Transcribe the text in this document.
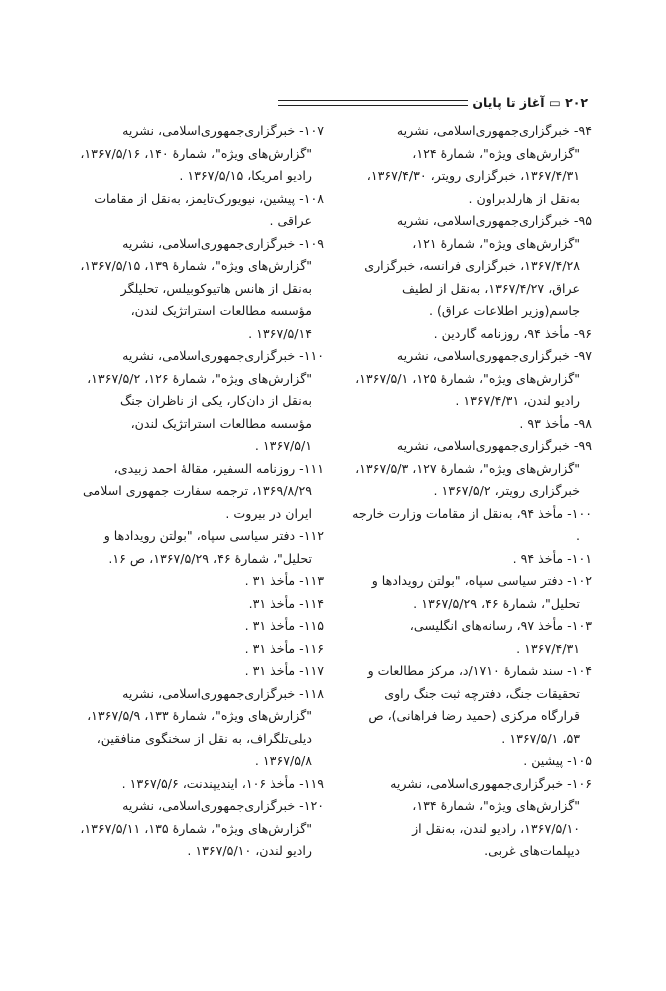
۲۰۲ ▭ آغاز تا پایان

۹۴- خبرگزاری‌جمهوری‌اسلامی، نشریه "گزارش‌های ویژه"، شمارهٔ ۱۲۴، ۱۳۶۷/۴/۳۱، خبرگزاری رویتر، ۱۳۶۷/۴/۳۰، به‌نقل از هارلدبراون .

۹۵- خبرگزاری‌جمهوری‌اسلامی، نشریه "گزارش‌های ویژه"، شمارهٔ ۱۲۱، ۱۳۶۷/۴/۲۸، خبرگزاری فرانسه، خبرگزاری عراق، ۱۳۶۷/۴/۲۷، به‌نقل از لطیف جاسم(وزیر اطلاعات عراق) .

۹۶- مأخذ ۹۴، روزنامه گاردین .

۹۷- خبرگزاری‌جمهوری‌اسلامی، نشریه "گزارش‌های ویژه"، شمارهٔ ۱۲۵، ۱۳۶۷/۵/۱، رادیو لندن، ۱۳۶۷/۴/۳۱ .

۹۸- مأخذ ۹۳ .

۹۹- خبرگزاری‌جمهوری‌اسلامی، نشریه "گزارش‌های ویژه"، شمارهٔ ۱۲۷، ۱۳۶۷/۵/۳، خبرگزاری رویتر، ۱۳۶۷/۵/۲ .

۱۰۰- مأخذ ۹۴، به‌نقل از مقامات وزارت خارجه .

۱۰۱- مأخذ ۹۴ .

۱۰۲- دفتر سیاسی سپاه، "بولتن رویدادها و تحلیل"، شمارهٔ ۴۶، ۱۳۶۷/۵/۲۹ .

۱۰۳- مأخذ ۹۷، رسانه‌های انگلیسی، ۱۳۶۷/۴/۳۱ .

۱۰۴- سند شمارهٔ ۱۷۱۰/د، مرکز مطالعات و تحقیقات جنگ، دفترچه ثبت جنگ راوی قرارگاه مرکزی (حمید رضا فراهانی)، ص ۵۳، ۱۳۶۷/۵/۱ .

۱۰۵- پیشین .

۱۰۶- خبرگزاری‌جمهوری‌اسلامی، نشریه "گزارش‌های ویژه"، شمارهٔ ۱۳۴، ۱۳۶۷/۵/۱۰، رادیو لندن، به‌نقل از دیپلمات‌های غربی.

۱۰۷- خبرگزاری‌جمهوری‌اسلامی، نشریه "گزارش‌های ویژه"، شمارهٔ ۱۴۰، ۱۳۶۷/۵/۱۶، رادیو امریکا، ۱۳۶۷/۵/۱۵ .

۱۰۸- پیشین، نیویورک‌تایمز، به‌نقل از مقامات عراقی .

۱۰۹- خبرگزاری‌جمهوری‌اسلامی، نشریه "گزارش‌های ویژه"، شمارهٔ ۱۳۹، ۱۳۶۷/۵/۱۵، به‌نقل از هانس هاتیوکوبیلس، تحلیلگر مؤسسه مطالعات استراتژیک لندن، ۱۳۶۷/۵/۱۴ .

۱۱۰- خبرگزاری‌جمهوری‌اسلامی، نشریه "گزارش‌های ویژه"، شمارهٔ ۱۲۶، ۱۳۶۷/۵/۲، به‌نقل از دان‌کار، یکی از ناظران جنگ مؤسسه مطالعات استراتژیک لندن، ۱۳۶۷/۵/۱ .

۱۱۱- روزنامه السفیر، مقالهٔ احمد زبیدی، ۱۳۶۹/۸/۲۹، ترجمه سفارت جمهوری اسلامی ایران در بیروت .

۱۱۲- دفتر سیاسی سپاه، "بولتن رویدادها و تحلیل"، شمارهٔ ۴۶، ۱۳۶۷/۵/۲۹، ص ۱۶.

۱۱۳- مأخذ ۳۱ .

۱۱۴- مأخذ ۳۱.

۱۱۵- مأخذ ۳۱ .

۱۱۶- مأخذ ۳۱ .

۱۱۷- مأخذ ۳۱ .

۱۱۸- خبرگزاری‌جمهوری‌اسلامی، نشریه "گزارش‌های ویژه"، شمارهٔ ۱۳۳، ۱۳۶۷/۵/۹، دیلی‌تلگراف، به نقل از سخنگوی منافقین، ۱۳۶۷/۵/۸ .

۱۱۹- مأخذ ۱۰۶، ایندیپندنت، ۱۳۶۷/۵/۶ .

۱۲۰- خبرگزاری‌جمهوری‌اسلامی، نشریه "گزارش‌های ویژه"، شمارهٔ ۱۳۵، ۱۳۶۷/۵/۱۱، رادیو لندن، ۱۳۶۷/۵/۱۰ .
